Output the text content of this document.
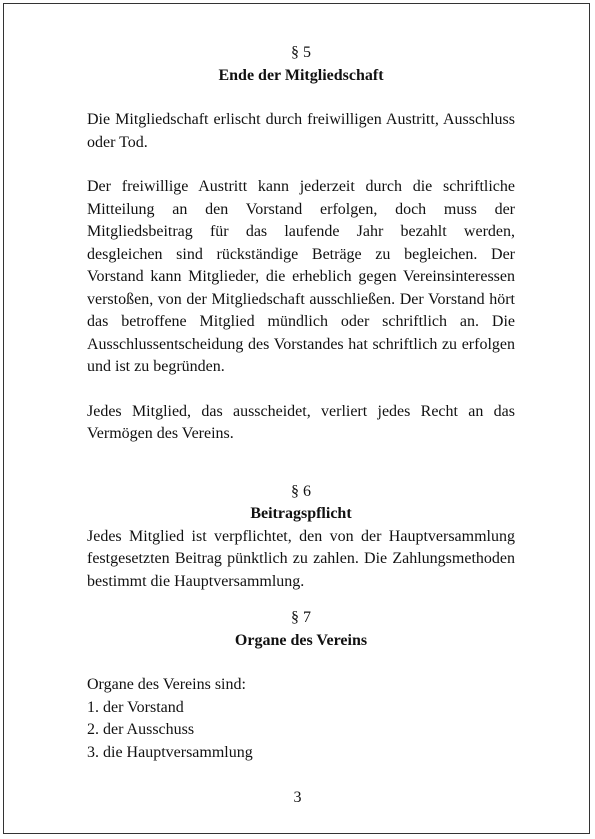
§ 5
Ende der Mitgliedschaft

Die Mitgliedschaft erlischt durch freiwilligen Austritt, Ausschluss oder Tod.

Der freiwillige Austritt kann jederzeit durch die schriftliche Mitteilung an den Vorstand erfolgen, doch muss der Mitgliedsbeitrag für das laufende Jahr bezahlt werden, desgleichen sind rückständige Beträge zu begleichen. Der Vorstand kann Mitglieder, die erheblich gegen Vereinsinteressen verstoßen, von der Mitgliedschaft ausschließen. Der Vorstand hört das betroffene Mitglied mündlich oder schriftlich an. Die Ausschlussentscheidung des Vorstandes hat schriftlich zu erfolgen und ist zu begründen.

Jedes Mitglied, das ausscheidet, verliert jedes Recht an das Vermögen des Vereins.

§ 6
Beitragspflicht

Jedes Mitglied ist verpflichtet, den von der Hauptversammlung festgesetzten Beitrag pünktlich zu zahlen. Die Zahlungsmethoden bestimmt die Hauptversammlung.

§ 7
Organe des Vereins

Organe des Vereins sind:

1. der Vorstand
2. der Ausschuss
3. die Hauptversammlung
3
